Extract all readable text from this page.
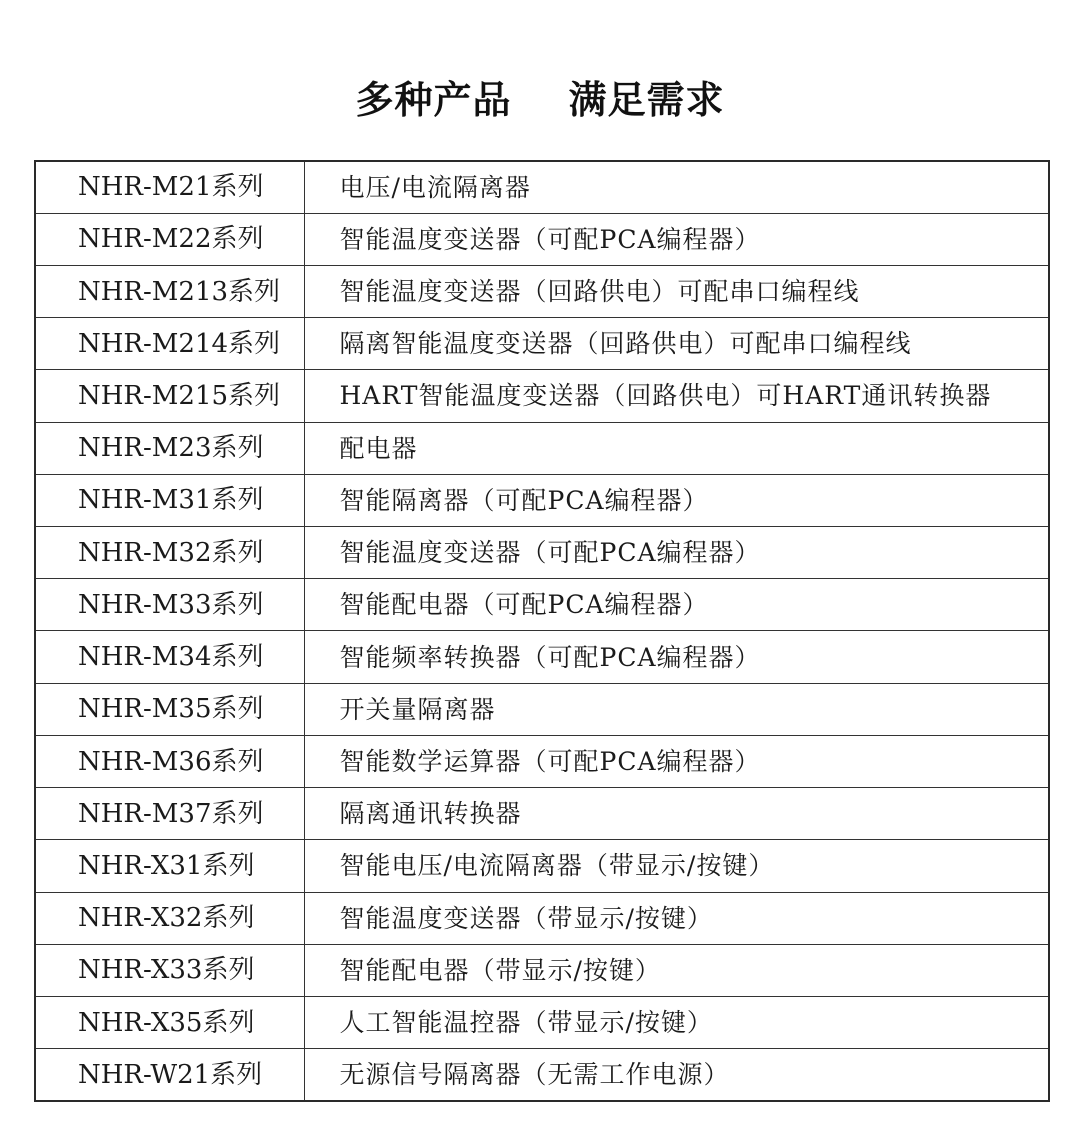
多种产品    满足需求
NHR-M21系列	电压/电流隔离器
NHR-M22系列	智能温度变送器（可配PCA编程器）
NHR-M213系列	智能温度变送器（回路供电）可配串口编程线
NHR-M214系列	隔离智能温度变送器（回路供电）可配串口编程线
NHR-M215系列	HART智能温度变送器（回路供电）可HART通讯转换器
NHR-M23系列	配电器
NHR-M31系列	智能隔离器（可配PCA编程器）
NHR-M32系列	智能温度变送器（可配PCA编程器）
NHR-M33系列	智能配电器（可配PCA编程器）
NHR-M34系列	智能频率转换器（可配PCA编程器）
NHR-M35系列	开关量隔离器
NHR-M36系列	智能数学运算器（可配PCA编程器）
NHR-M37系列	隔离通讯转换器
NHR-X31系列	智能电压/电流隔离器（带显示/按键）
NHR-X32系列	智能温度变送器（带显示/按键）
NHR-X33系列	智能配电器（带显示/按键）
NHR-X35系列	人工智能温控器（带显示/按键）
NHR-W21系列	无源信号隔离器（无需工作电源）
